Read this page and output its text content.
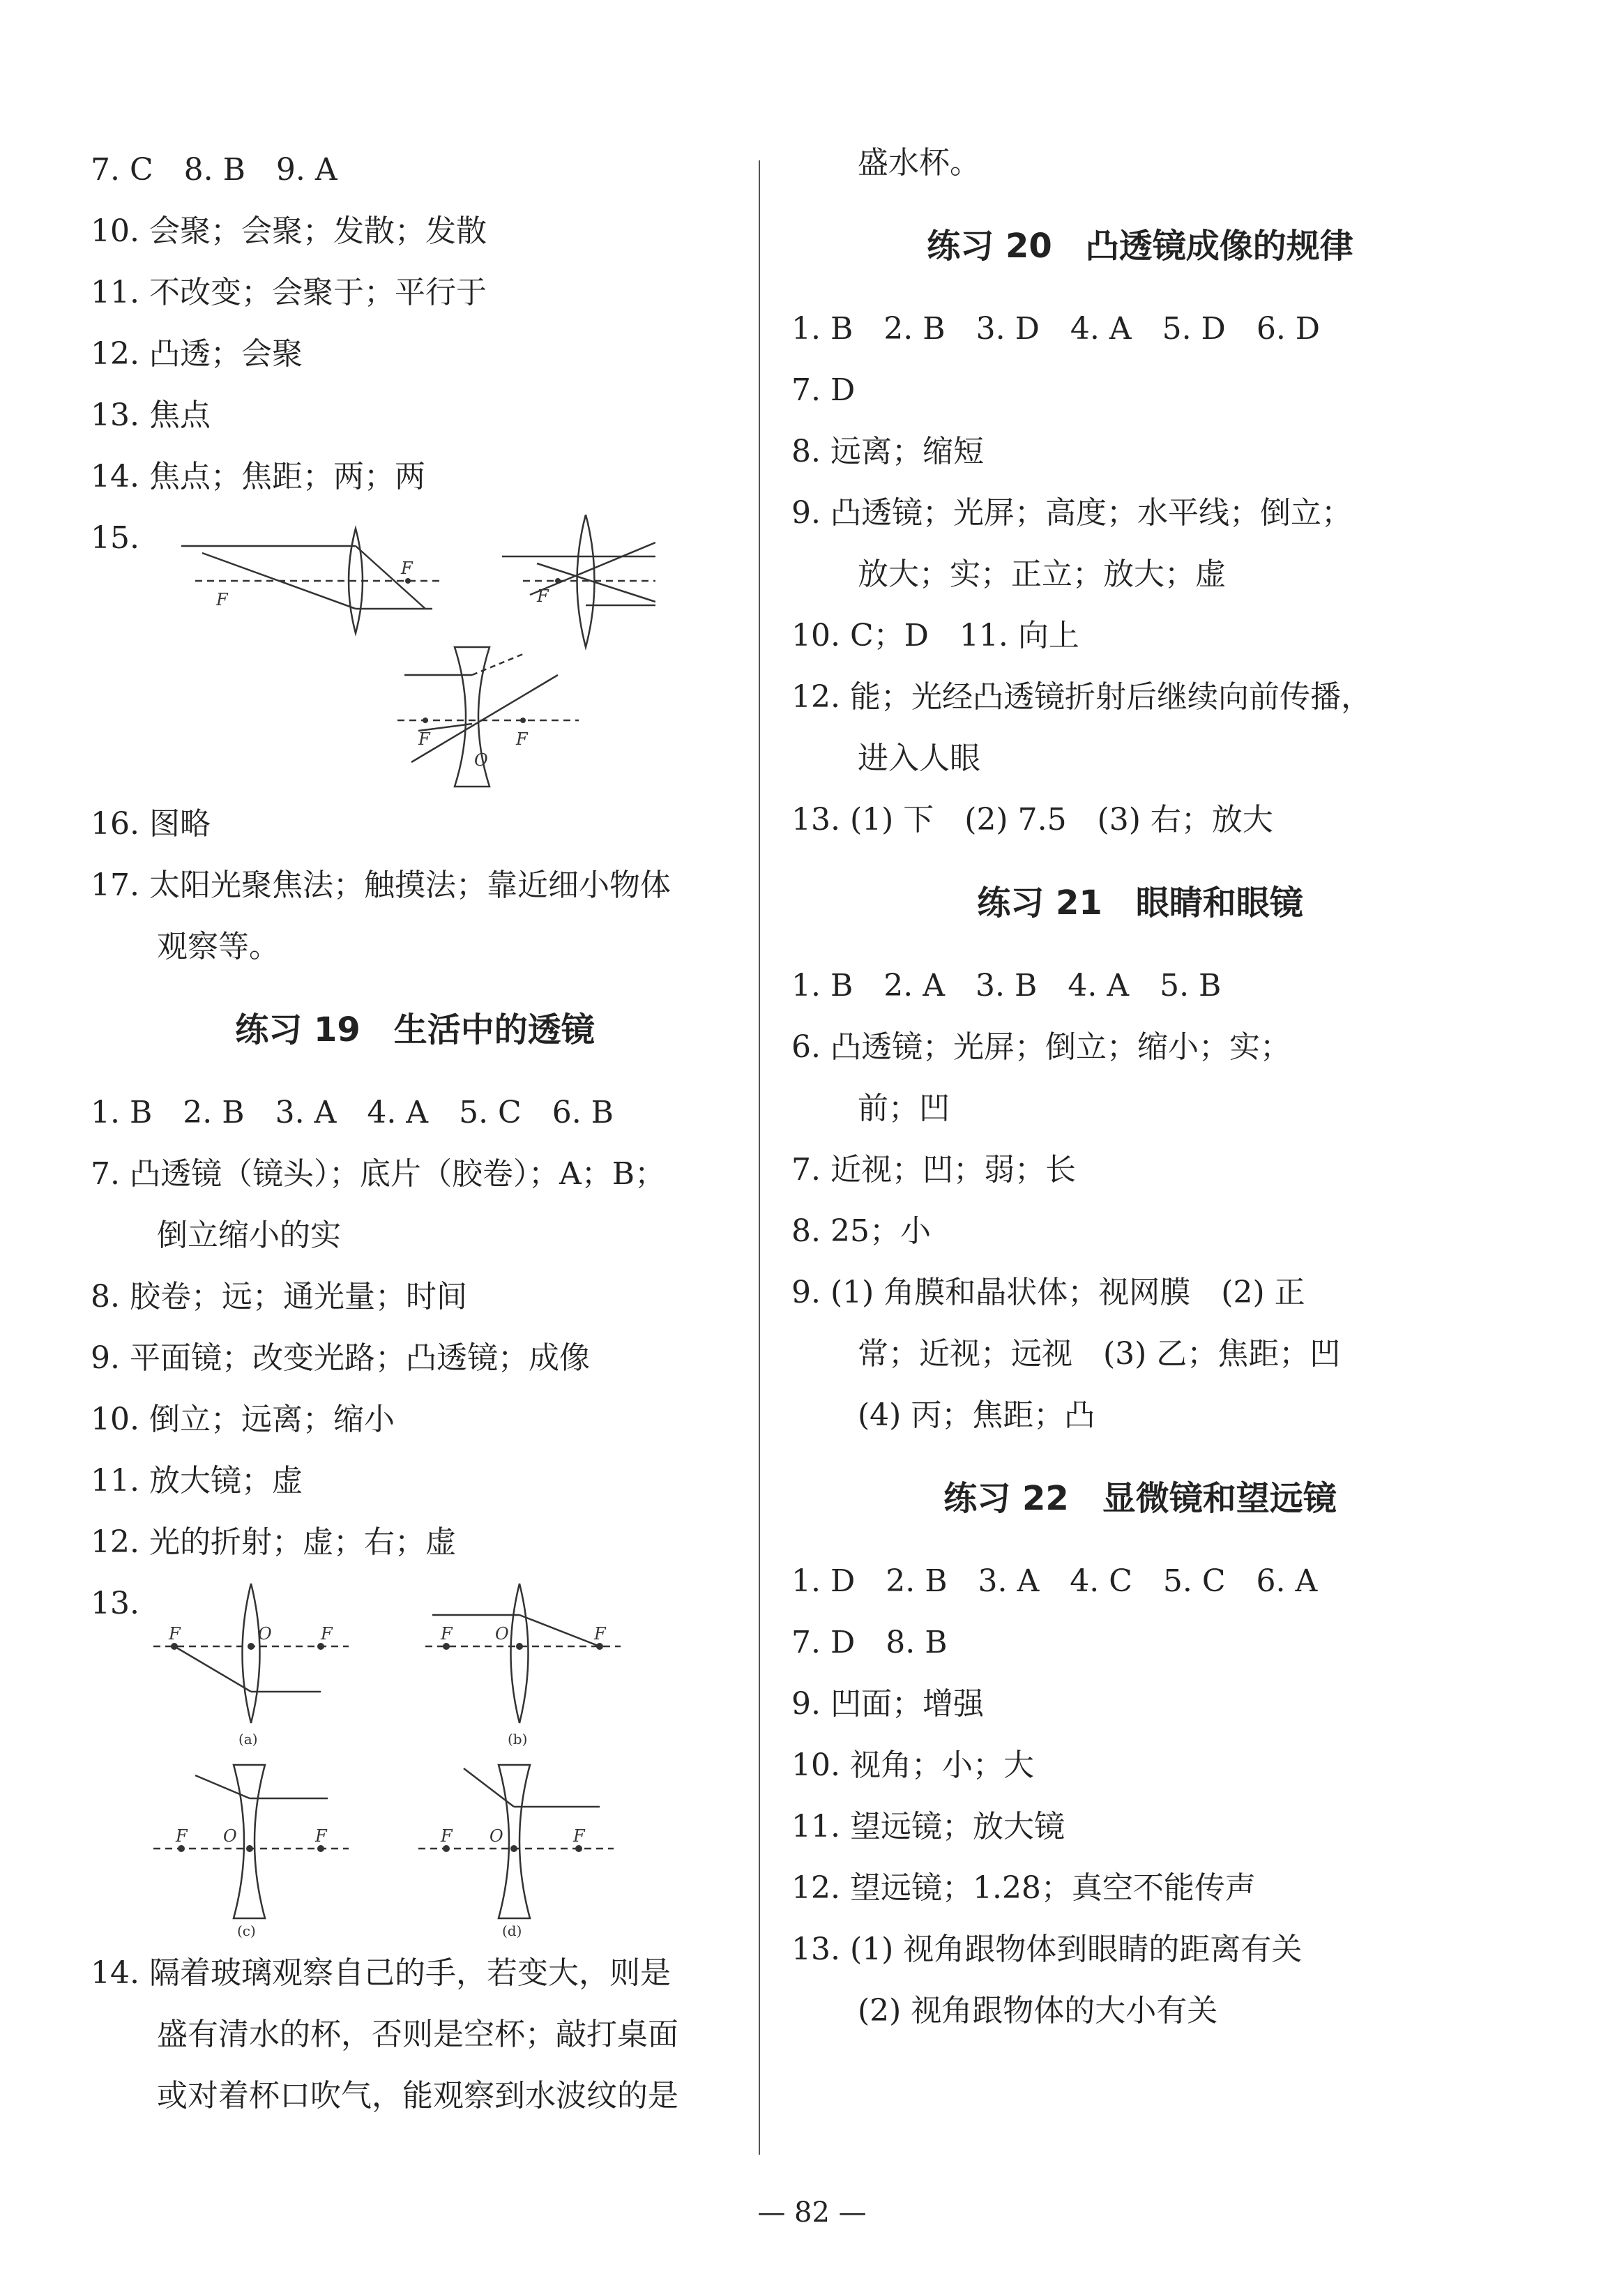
7. C　8. B　9. A
10. 会聚；会聚；发散；发散
11. 不改变；会聚于；平行于
12. 凸透；会聚
13. 焦点
14. 焦点；焦距；两；两
15.
F
F
F
F	F
O
16. 图略
17. 太阳光聚焦法；触摸法；靠近细小物体
观察等。
练习 19　生活中的透镜
1. B　2. B　3. A　4. A　5. C　6. B
7. 凸透镜（镜头）；底片（胶卷）；A；B；
倒立缩小的实
8. 胶卷；远；通光量；时间
9. 平面镜；改变光路；凸透镜；成像
10. 倒立；远离；缩小
11. 放大镜；虚
12. 光的折射；虚；右；虚
13.
F	O	F	F	O	F
F O	F	F O	F
(a)	(b)
(c)	(d)
14. 隔着玻璃观察自己的手，若变大，则是
盛有清水的杯，否则是空杯；敲打桌面
或对着杯口吹气，能观察到水波纹的是
盛水杯。
练习 20　凸透镜成像的规律
1. B　2. B　3. D　4. A　5. D　6. D
7. D
8. 远离；缩短
9. 凸透镜；光屏；高度；水平线；倒立；
放大；实；正立；放大；虚
10. C；D　11. 向上
12. 能；光经凸透镜折射后继续向前传播，
进入人眼
13. (1) 下　(2) 7.5　(3) 右；放大
练习 21　眼睛和眼镜
1. B　2. A　3. B　4. A　5. B
6. 凸透镜；光屏；倒立；缩小；实；
前；凹
7. 近视；凹；弱；长
8. 25；小
9. (1) 角膜和晶状体；视网膜　(2) 正
常；近视；远视　(3) 乙；焦距；凹
(4) 丙；焦距；凸
练习 22　显微镜和望远镜
1. D　2. B　3. A　4. C　5. C　6. A
7. D　8. B
9. 凹面；增强
10. 视角；小；大
11. 望远镜；放大镜
12. 望远镜；1.28；真空不能传声
13. (1) 视角跟物体到眼睛的距离有关
(2) 视角跟物体的大小有关
— 82 —
